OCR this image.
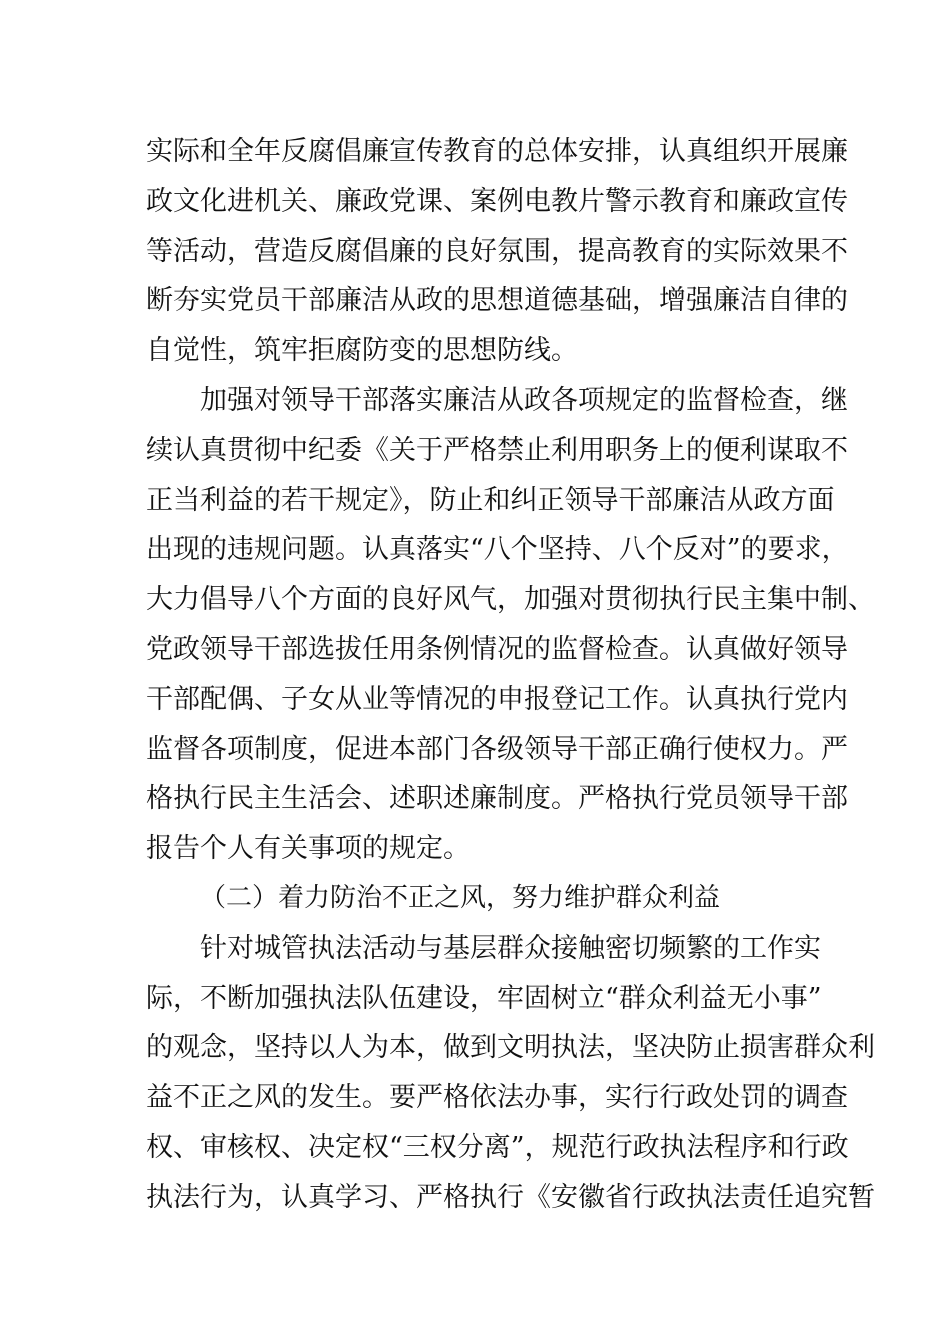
实际和全年反腐倡廉宣传教育的总体安排，认真组织开展廉
政文化进机关、廉政党课、案例电教片警示教育和廉政宣传
等活动，营造反腐倡廉的良好氛围，提高教育的实际效果不
断夯实党员干部廉洁从政的思想道德基础，增强廉洁自律的
自觉性，筑牢拒腐防变的思想防线。
加强对领导干部落实廉洁从政各项规定的监督检查，继
续认真贯彻中纪委《关于严格禁止利用职务上的便利谋取不
正当利益的若干规定》，防止和纠正领导干部廉洁从政方面
出现的违规问题。认真落实“八个坚持、八个反对”的要求，
大力倡导八个方面的良好风气，加强对贯彻执行民主集中制、
党政领导干部选拔任用条例情况的监督检查。认真做好领导
干部配偶、子女从业等情况的申报登记工作。认真执行党内
监督各项制度，促进本部门各级领导干部正确行使权力。严
格执行民主生活会、述职述廉制度。严格执行党员领导干部
报告个人有关事项的规定。
（二）着力防治不正之风，努力维护群众利益
针对城管执法活动与基层群众接触密切频繁的工作实
际，不断加强执法队伍建设，牢固树立“群众利益无小事”
的观念，坚持以人为本，做到文明执法，坚决防止损害群众利
益不正之风的发生。要严格依法办事，实行行政处罚的调查
权、审核权、决定权“三权分离”，规范行政执法程序和行政
执法行为，认真学习、严格执行《安徽省行政执法责任追究暂
